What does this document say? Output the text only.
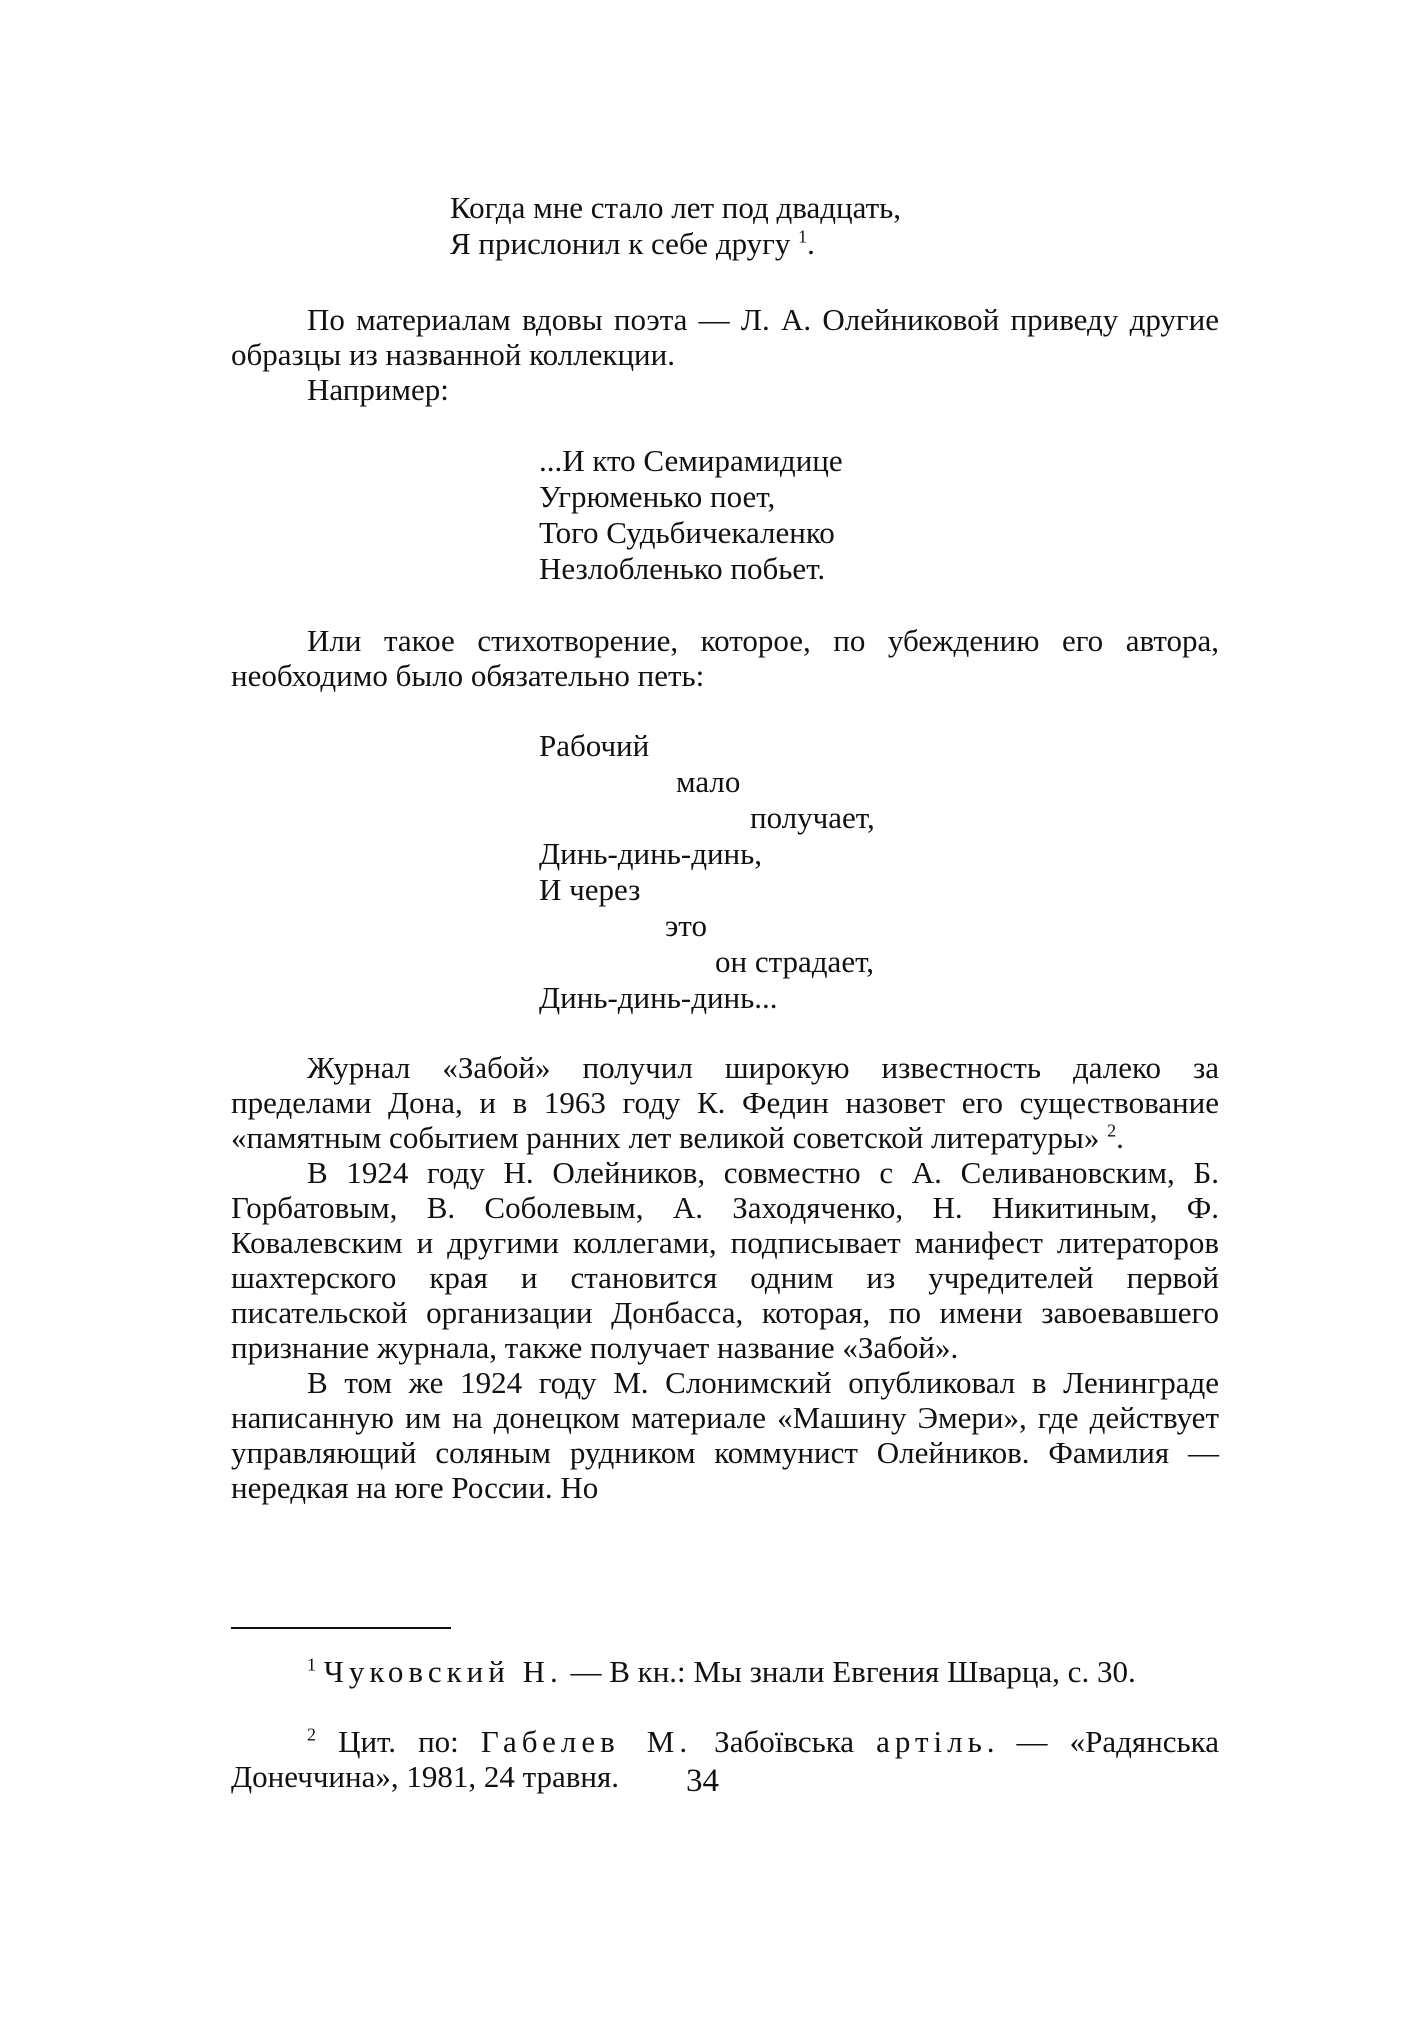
Когда мне стало лет под двадцать,
Я прислонил к себе другу $^1$.
По материалам вдовы поэта — Л. А. Олейниковой приведу другие образцы из названной коллекции.
Например:
...И кто Семирамидице
Угрюменько поет,
Того Судьбичекаленко
Незлобленько побьет.
Или такое стихотворение, которое, по убеждению его автора, необходимо было обязательно петь:
Рабочий
мало
получает,
Динь-динь-динь,
И через
это
он страдает,
Динь-динь-динь...
Журнал «Забой» получил широкую известность далеко за пределами Дона, и в 1963 году К. Федин назовет его существование «памятным событием ранних лет великой советской литературы» $^2$.
В 1924 году Н. Олейников, совместно с А. Селивановским, Б. Горбатовым, В. Соболевым, А. Заходяченко, Н. Никитиным, Ф. Ковалевским и другими коллегами, подписывает манифест литераторов шахтерского края и становится одним из учредителей первой писательской организации Донбасса, которая, по имени завоевавшего признание журнала, также получает название «Забой».
В том же 1924 году М. Слонимский опубликовал в Ленинграде написанную им на донецком материале «Машину Эмери», где действует управляющий соляным рудником коммунист Олейников. Фамилия — нередкая на юге России. Но
$^1$ Чуковский Н. — В кн.: Мы знали Евгения Шварца, с. 30.
$^2$ Цит. по: Габелев М. Забоївська артіль. — «Радянська Донеччина», 1981, 24 травня.	34
